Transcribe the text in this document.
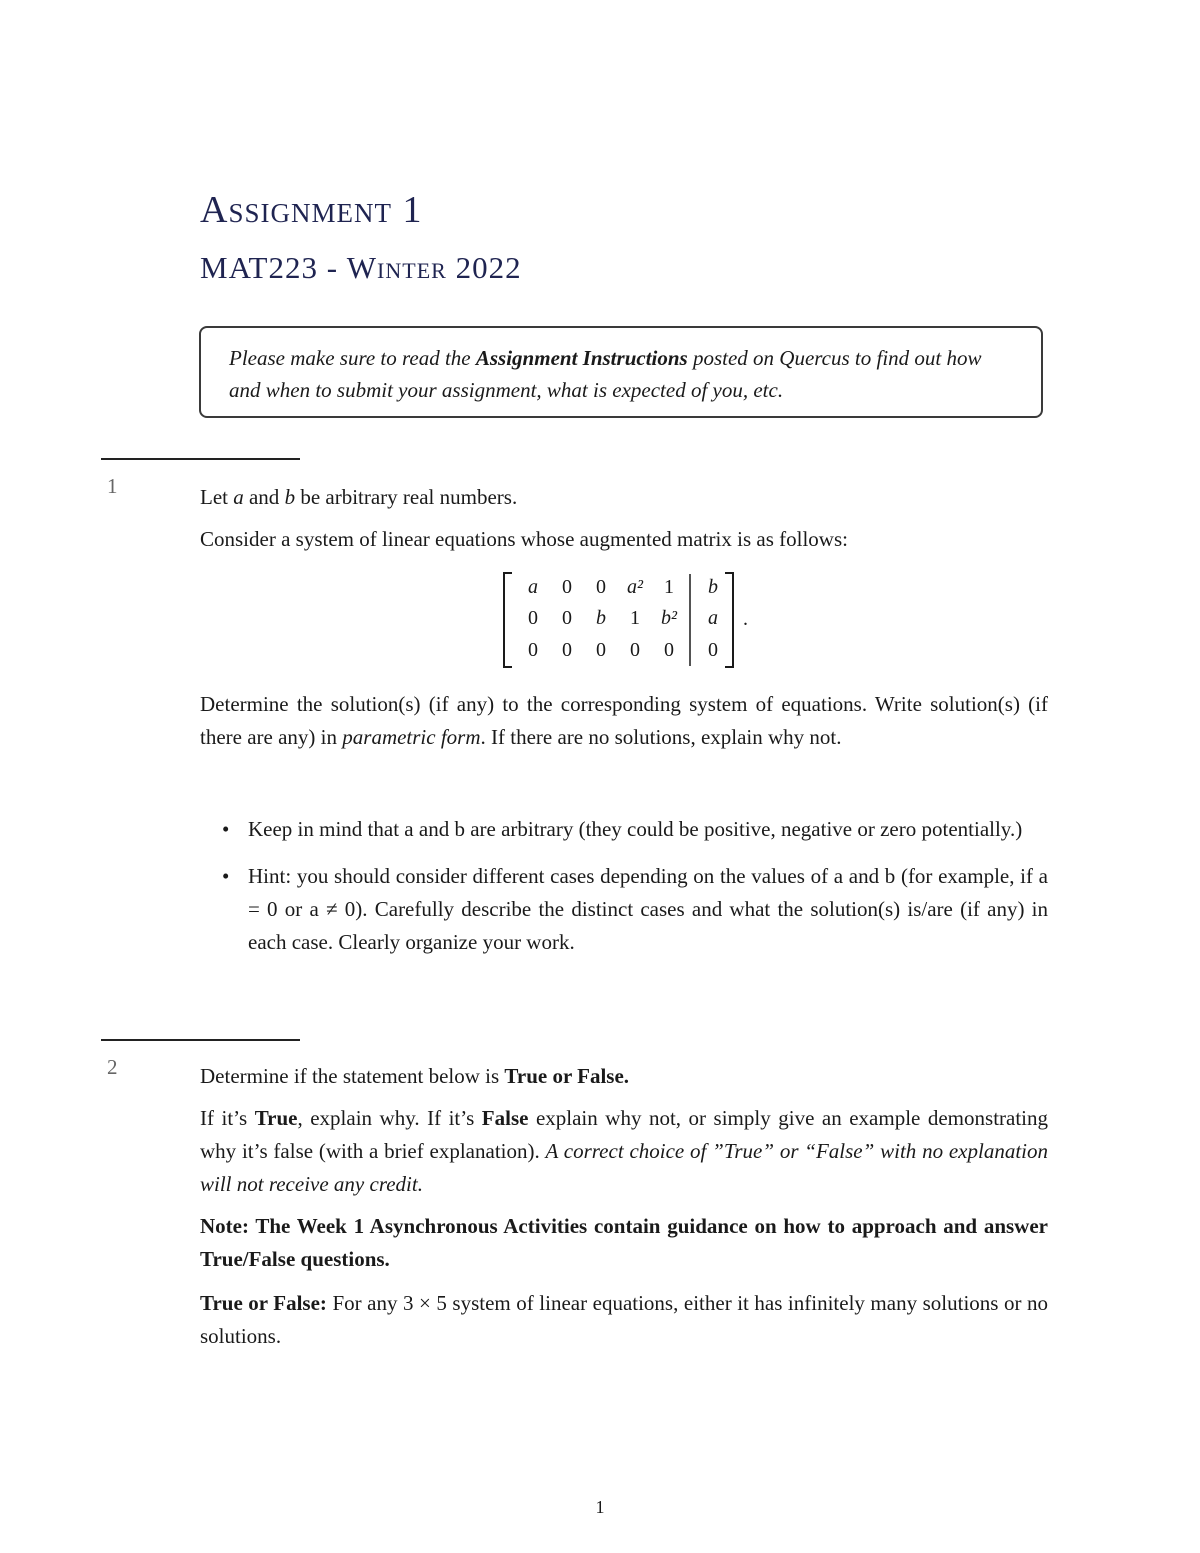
Assignment 1
MAT223 - Winter 2022
Please make sure to read the Assignment Instructions posted on Quercus to find out how and when to submit your assignment, what is expected of you, etc.
1	Let a and b be arbitrary real numbers.
Consider a system of linear equations whose augmented matrix is as follows:
a	0	0	a²	1	b
0	0	b	1	b²	a
0	0	0	0	0	0
.
Determine the solution(s) (if any) to the corresponding system of equations. Write solution(s) (if there are any) in parametric form. If there are no solutions, explain why not.
• Keep in mind that a and b are arbitrary (they could be positive, negative or zero potentially.)
• Hint: you should consider different cases depending on the values of a and b (for example, if a = 0 or a ≠ 0). Carefully describe the distinct cases and what the solution(s) is/are (if any) in each case. Clearly organize your work.
2	Determine if the statement below is True or False.
If it’s True, explain why. If it’s False explain why not, or simply give an example demonstrating why it’s false (with a brief explanation). A correct choice of ”True” or “False” with no explanation will not receive any credit.
Note: The Week 1 Asynchronous Activities contain guidance on how to approach and answer True/False questions.
True or False: For any 3 × 5 system of linear equations, either it has infinitely many solutions or no solutions.
1
